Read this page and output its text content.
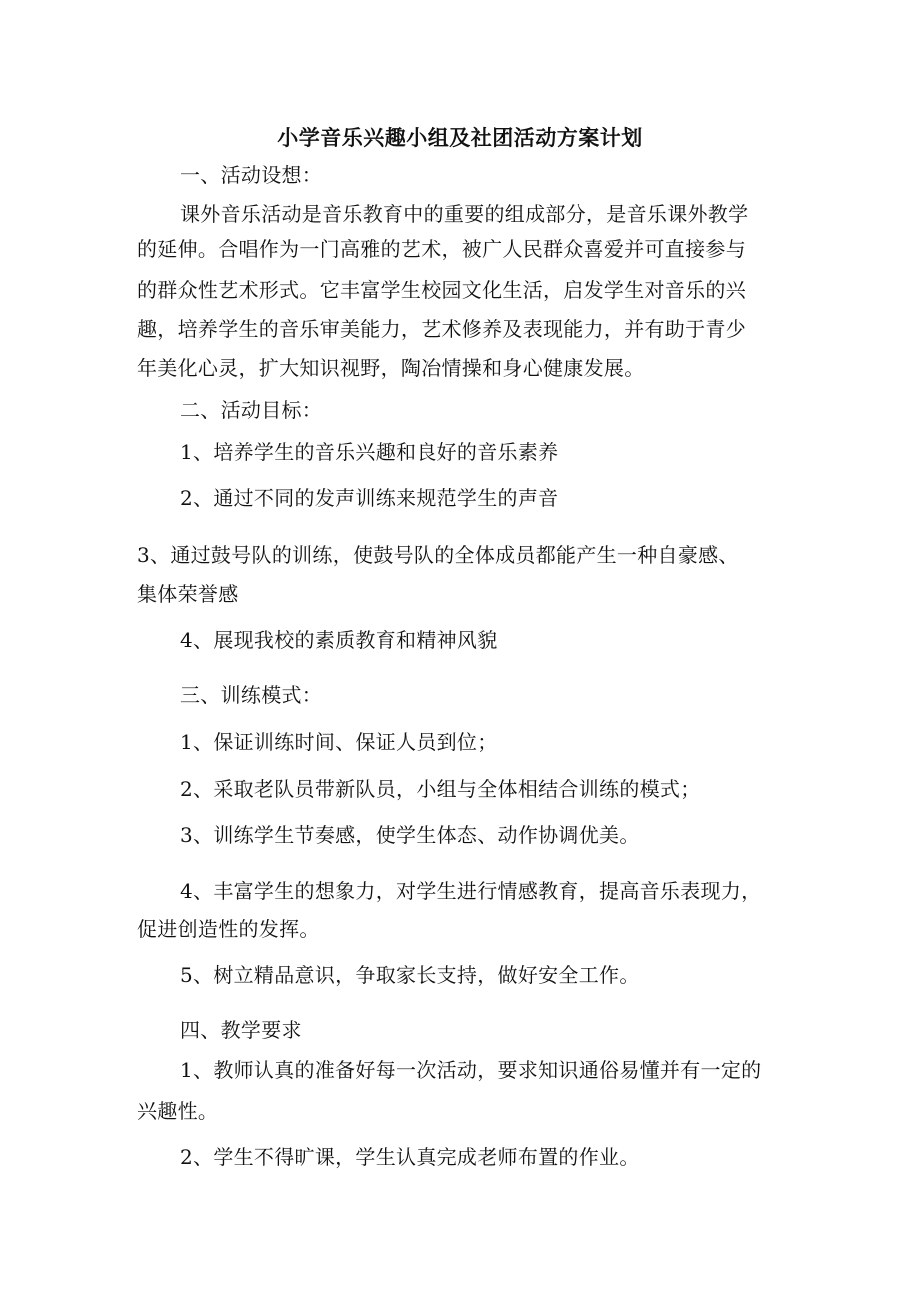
小学音乐兴趣小组及社团活动方案计划
一、活动设想：
课外音乐活动是音乐教育中的重要的组成部分，是音乐课外教学
的延伸。合唱作为一门高雅的艺术，被广人民群众喜爱并可直接参与
的群众性艺术形式。它丰富学生校园文化生活，启发学生对音乐的兴
趣，培养学生的音乐审美能力，艺术修养及表现能力，并有助于青少
年美化心灵，扩大知识视野，陶冶情操和身心健康发展。
二、活动目标：
1、培养学生的音乐兴趣和良好的音乐素养
2、通过不同的发声训练来规范学生的声音
3、通过鼓号队的训练，使鼓号队的全体成员都能产生一种自豪感、
集体荣誉感
4、展现我校的素质教育和精神风貌
三、训练模式：
1、保证训练时间、保证人员到位；
2、采取老队员带新队员，小组与全体相结合训练的模式；
3、训练学生节奏感，使学生体态、动作协调优美。
4、丰富学生的想象力，对学生进行情感教育，提高音乐表现力，
促进创造性的发挥。
5、树立精品意识，争取家长支持，做好安全工作。
四、教学要求
1、教师认真的准备好每一次活动，要求知识通俗易懂并有一定的
兴趣性。
2、学生不得旷课，学生认真完成老师布置的作业。
